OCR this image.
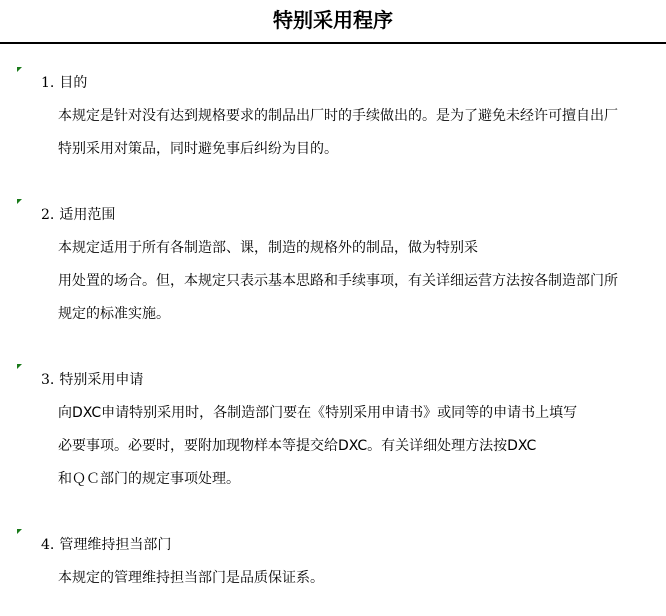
特别采用程序
1. 目的
本规定是针对没有达到规格要求的制品出厂时的手续做出的。是为了避免未经许可擅自出厂
特别采用对策品，同时避免事后纠纷为目的。
2. 适用范围
本规定适用于所有各制造部、课，制造的规格外的制品，做为特别采
用处置的场合。但，本规定只表示基本思路和手续事项，有关详细运营方法按各制造部门所
规定的标准实施。
3. 特别采用申请
向DXC申请特别采用时，各制造部门要在《特别采用申请书》或同等的申请书上填写
必要事项。必要时，要附加现物样本等提交给DXC。有关详细处理方法按DXC
和ＱＣ部门的规定事项处理。
4. 管理维持担当部门
本规定的管理维持担当部门是品质保证系。
